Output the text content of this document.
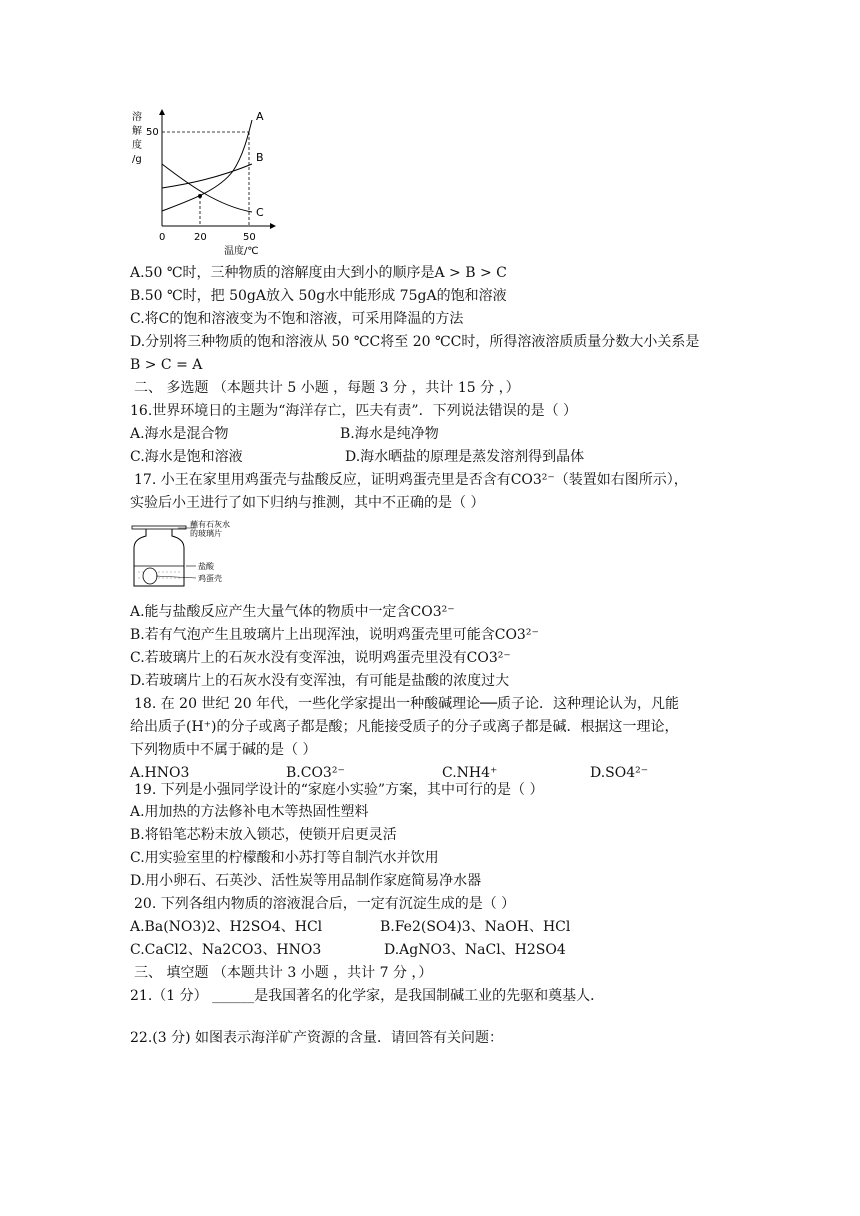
溶
解
度
/g
50
A
B
C
0	20	50
温度/℃
A.50 ℃时，三种物质的溶解度由大到小的顺序是A > B > C
B.50 ℃时，把 50gA放入 50g水中能形成 75gA的饱和溶液
C.将C的饱和溶液变为不饱和溶液，可采用降温的方法
D.分别将三种物质的饱和溶液从 50 ℃C将至 20 ℃C时，所得溶液溶质质量分数大小关系是
B > C = A
二、 多选题 （本题共计 5 小题 ，每题 3 分 ，共计 15 分 ，）
16.世界环境日的主题为“海洋存亡，匹夫有责”．下列说法错误的是（ ）
A.海水是混合物	B.海水是纯净物
C.海水是饱和溶液	D.海水晒盐的原理是蒸发溶剂得到晶体
17. 小王在家里用鸡蛋壳与盐酸反应，证明鸡蛋壳里是否含有CO3²⁻（装置如右图所示），
实验后小王进行了如下归纳与推测，其中不正确的是（ ）
蘸有石灰水
的玻璃片
盐酸
鸡蛋壳
A.能与盐酸反应产生大量气体的物质中一定含CO3²⁻
B.若有气泡产生且玻璃片上出现浑浊，说明鸡蛋壳里可能含CO3²⁻
C.若玻璃片上的石灰水没有变浑浊，说明鸡蛋壳里没有CO3²⁻
D.若玻璃片上的石灰水没有变浑浊，有可能是盐酸的浓度过大
18. 在 20 世纪 20 年代，一些化学家提出一种酸碱理论──质子论．这种理论认为，凡能
给出质子(H⁺)的分子或离子都是酸；凡能接受质子的分子或离子都是碱．根据这一理论，
下列物质中不属于碱的是（ ）
A.HNO3	B.CO3²⁻	C.NH4⁺	D.SO4²⁻
19. 下列是小强同学设计的“家庭小实验”方案，其中可行的是（ ）
A.用加热的方法修补电木等热固性塑料
B.将铅笔芯粉末放入锁芯，使锁开启更灵活
C.用实验室里的柠檬酸和小苏打等自制汽水并饮用
D.用小卵石、石英沙、活性炭等用品制作家庭简易净水器
20. 下列各组内物质的溶液混合后，一定有沉淀生成的是（ ）
A.Ba(NO3)2、H2SO4、HCl	B.Fe2(SO4)3、NaOH、HCl
C.CaCl2、Na2CO3、HNO3	D.AgNO3、NaCl、H2SO4
三、 填空题 （本题共计 3 小题 ，共计 7 分 ，）
21.（1 分） ______是我国著名的化学家，是我国制碱工业的先驱和奠基人．
22.(3 分) 如图表示海洋矿产资源的含量．请回答有关问题：
